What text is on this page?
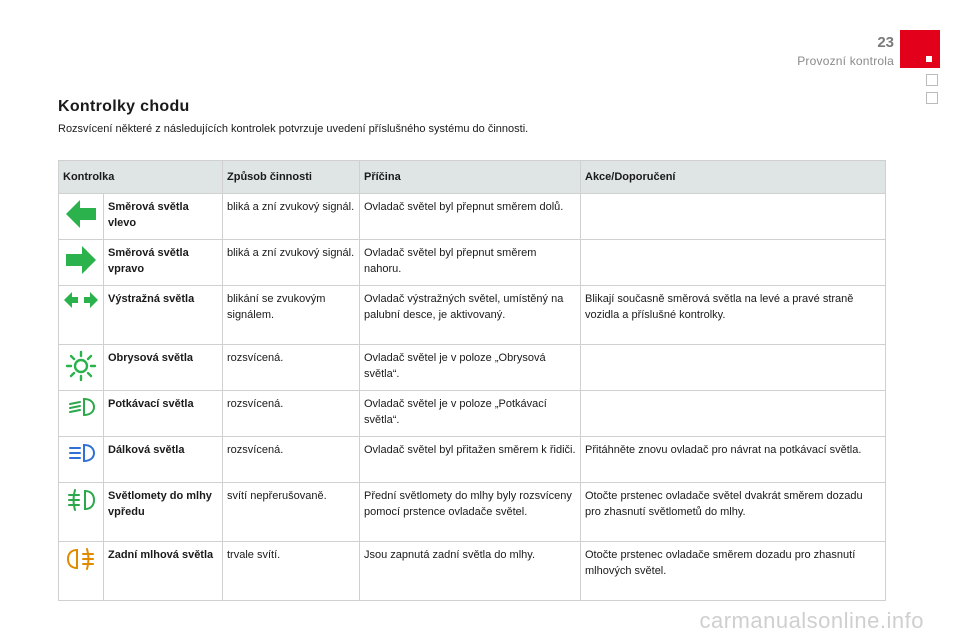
23
Provozní kontrola
Kontrolky chodu

Rozsvícení některé z následujících kontrolek potvrzuje uvedení příslušného systému do činnosti.

Kontrolka		Způsob činnosti	Příčina	Akce/Doporučení

	Směrová světla vlevo	bliká a zní zvukový signál.	Ovladač světel byl přepnut směrem dolů.	

	Směrová světla vpravo	bliká a zní zvukový signál.	Ovladač světel byl přepnut směrem nahoru.	

	Výstražná světla	blikání se zvukovým signálem.	Ovladač výstražných světel, umístěný na palubní desce, je aktivovaný.	Blikají současně směrová světla na levé a pravé straně vozidla a příslušné kontrolky.

	Obrysová světla	rozsvícená.	Ovladač světel je v poloze „Obrysová světla“.	

	Potkávací světla	rozsvícená.	Ovladač světel je v poloze „Potkávací světla“.	

	Dálková světla	rozsvícená.	Ovladač světel byl přitažen směrem k řidiči.	Přitáhněte znovu ovladač pro návrat na potkávací světla.

	Světlomety do mlhy vpředu	svítí nepřerušovaně.	Přední světlomety do mlhy byly rozsvíceny pomocí prstence ovladače světel.	Otočte prstenec ovladače světel dvakrát směrem dozadu pro zhasnutí světlometů do mlhy.

	Zadní mlhová světla	trvale svítí.	Jsou zapnutá zadní světla do mlhy.	Otočte prstenec ovladače směrem dozadu pro zhasnutí mlhových světel.
carmanualsonline.info
